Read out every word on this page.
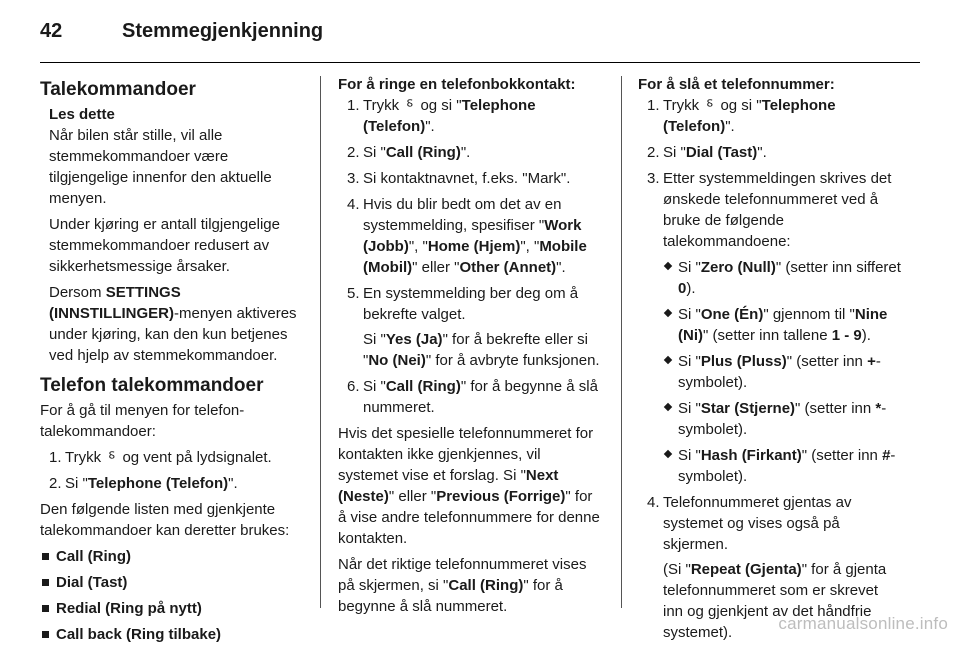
42	Stemmegjenkjenning
Talekommandoer
Les dette

Når bilen står stille, vil alle stemmekommandoer være tilgjengelige innenfor den aktuelle menyen.

Under kjøring er antall tilgjengelige stemmekommandoer redusert av sikkerhetsmessige årsaker.

Dersom SETTINGS (INNSTILLINGER)-menyen aktiveres under kjøring, kan den kun betjenes ved hjelp av stemmekommandoer.

Telefon talekommandoer

For å gå til menyen for telefon-talekommandoer:

1. Trykk ⸹ og vent på lydsignalet.
2. Si "Telephone (Telefon)".

Den følgende listen med gjenkjente talekommandoer kan deretter brukes:

Call (Ring)
Dial (Tast)
Redial (Ring på nytt)
Call back (Ring tilbake)
For å ringe en telefonbokkontakt:
1. Trykk ⸹ og si "Telephone (Telefon)".
2. Si "Call (Ring)".
3. Si kontaktnavnet, f.eks. "Mark".
4. Hvis du blir bedt om det av en systemmelding, spesifiser "Work (Jobb)", "Home (Hjem)", "Mobile (Mobil)" eller "Other (Annet)".
5. En systemmelding ber deg om å bekrefte valget.

Si "Yes (Ja)" for å bekrefte eller si "No (Nei)" for å avbryte funksjonen.

6. Si "Call (Ring)" for å begynne å slå nummeret.

Hvis det spesielle telefonnummeret for kontakten ikke gjenkjennes, vil systemet vise et forslag. Si "Next (Neste)" eller "Previous (Forrige)" for å vise andre telefonnummere for denne kontakten.

Når det riktige telefonnummeret vises på skjermen, si "Call (Ring)" for å begynne å slå nummeret.

For å slå et telefonnummer:
1. Trykk ⸹ og si "Telephone (Telefon)".
2. Si "Dial (Tast)".
3. Etter systemmeldingen skrives det ønskede telefonnummeret ved å bruke de følgende talekommandoene:
Si "Zero (Null)" (setter inn sifferet 0).
Si "One (Én)" gjennom til "Nine (Ni)" (setter inn tallene 1 - 9).
Si "Plus (Pluss)" (setter inn +-symbolet).
Si "Star (Stjerne)" (setter inn *-symbolet).
Si "Hash (Firkant)" (setter inn #-symbolet).
4. Telefonnummeret gjentas av systemet og vises også på skjermen.

(Si "Repeat (Gjenta)" for å gjenta telefonnummeret som er skrevet inn og gjenkjent av det håndfrie systemet).	carmanualsonline.info
